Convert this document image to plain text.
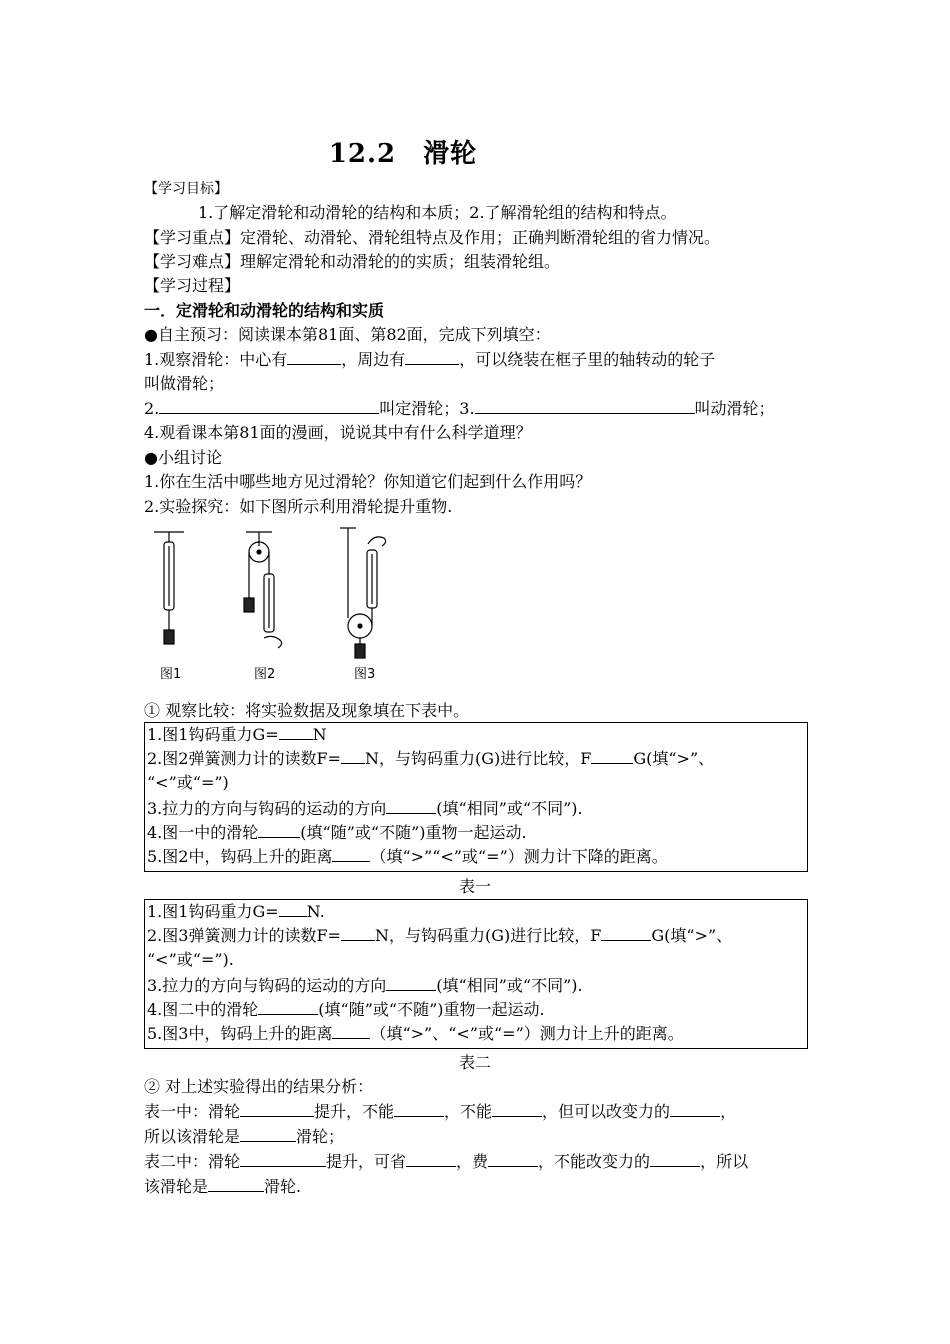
12.2　滑轮
【学习目标】
1.了解定滑轮和动滑轮的结构和本质；2.了解滑轮组的结构和特点。
【学习重点】定滑轮、动滑轮、滑轮组特点及作用；正确判断滑轮组的省力情况。
【学习难点】理解定滑轮和动滑轮的的实质；组装滑轮组。
【学习过程】
一．定滑轮和动滑轮的结构和实质
●自主预习：阅读课本第81面、第82面，完成下列填空：
1.观察滑轮：中心有	，周边有	，可以绕装在框子里的轴转动的轮子
叫做滑轮；
2.	叫定滑轮；3.	叫动滑轮；
4.观看课本第81面的漫画，说说其中有什么科学道理？
●小组讨论
1.你在生活中哪些地方见过滑轮？你知道它们起到什么作用吗？
2.实验探究：如下图所示利用滑轮提升重物.
图1	图2	图3
① 观察比较：将实验数据及现象填在下表中。
1.图1钩码重力G= N
2.图2弹簧测力计的读数F= N，与钩码重力(G)进行比较，F	G(填“>”、
“<”或“=”)
3.拉力的方向与钩码的运动的方向	(填“相同”或“不同”).
4.图一中的滑轮	(填“随”或“不随”)重物一起运动.
5.图2中，钩码上升的距离 （填“>”“<”或“=”）测力计下降的距离。
表一
1.图1钩码重力G= N.
2.图3弹簧测力计的读数F= N，与钩码重力(G)进行比较，F	G(填“>”、
“<”或“=”).
3.拉力的方向与钩码的运动的方向	(填“相同”或“不同”).
4.图二中的滑轮	(填“随”或“不随”)重物一起运动.
5.图3中，钩码上升的距离 （填“>”、“<”或“=”）测力计上升的距离。
表二
② 对上述实验得出的结果分析：
表一中：滑轮	提升，不能	，不能	，但可以改变力的	，
所以该滑轮是	滑轮；
表二中：滑轮	提升，可省	，费	，不能改变力的	，所以
该滑轮是	滑轮.
